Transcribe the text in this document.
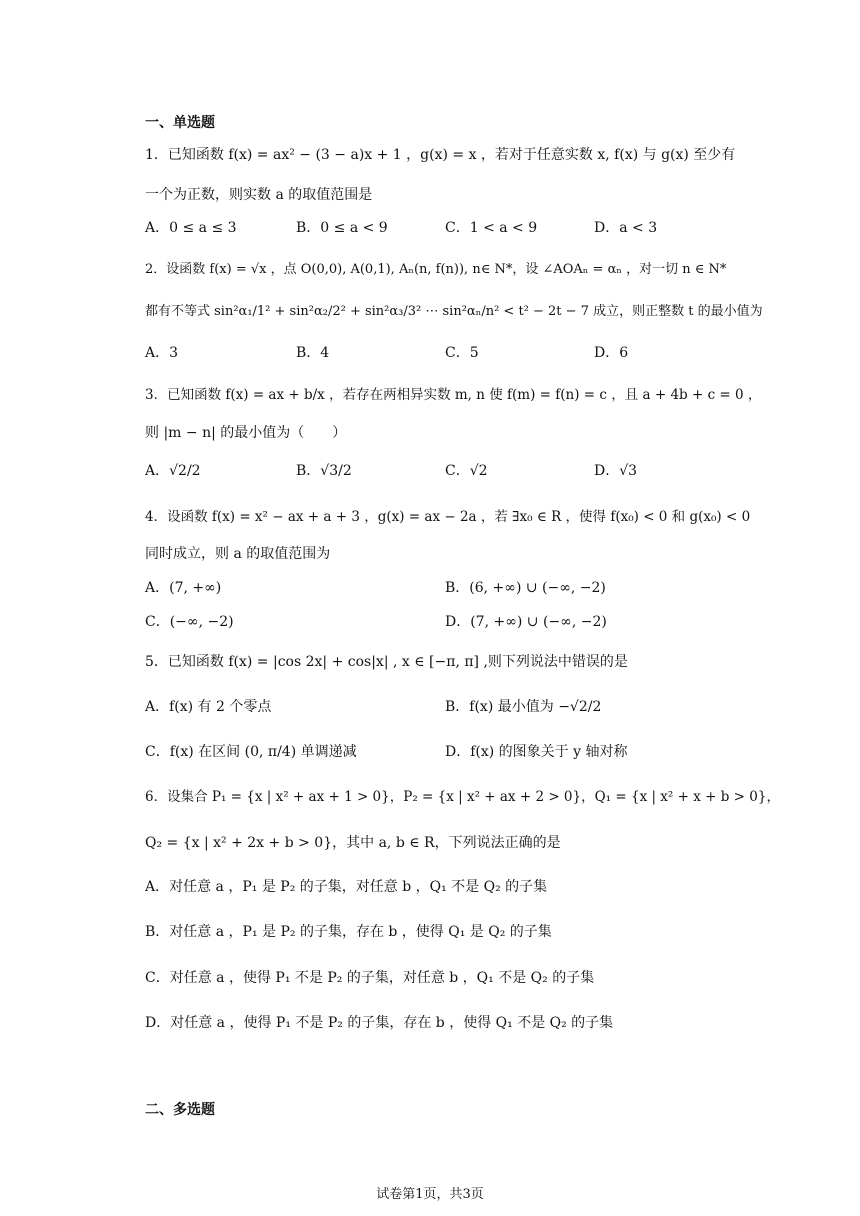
一、单选题
1．已知函数 f(x) = ax² − (3 − a)x + 1 ，g(x) = x ，若对于任意实数 x, f(x) 与 g(x) 至少有
一个为正数，则实数 a 的取值范围是
A．0 ≤ a ≤ 3	B．0 ≤ a < 9	C．1 < a < 9	D．a < 3
2．设函数 f(x) = √x ，点 O(0,0), A(0,1), Aₙ(n, f(n)), n∈ N*，设 ∠AOAₙ = αₙ ，对一切 n ∈ N*
都有不等式 sin²α₁/1² + sin²α₂/2² + sin²α₃/3² ⋯ sin²αₙ/n² < t² − 2t − 7 成立，则正整数 t 的最小值为
A．3	B．4	C．5	D．6
3．已知函数 f(x) = ax + b/x ，若存在两相异实数 m, n 使 f(m) = f(n) = c ，且 a + 4b + c = 0 ，
则 |m − n| 的最小值为（　　）
A．√2/2	B．√3/2	C．√2	D．√3
4．设函数 f(x) = x² − ax + a + 3 ，g(x) = ax − 2a ，若 ∃x₀ ∈ R ，使得 f(x₀) < 0 和 g(x₀) < 0
同时成立，则 a 的取值范围为
A．(7, +∞)	B．(6, +∞) ∪ (−∞, −2)
C．(−∞, −2)	D．(7, +∞) ∪ (−∞, −2)
5．已知函数 f(x) = |cos 2x| + cos|x| , x ∈ [−π, π] ,则下列说法中错误的是
A．f(x) 有 2 个零点	B．f(x) 最小值为 −√2/2
C．f(x) 在区间 (0, π/4) 单调递减	D．f(x) 的图象关于 y 轴对称
6．设集合 P₁ = {x | x² + ax + 1 > 0}，P₂ = {x | x² + ax + 2 > 0}，Q₁ = {x | x² + x + b > 0}，
Q₂ = {x | x² + 2x + b > 0}，其中 a, b ∈ R，下列说法正确的是
A．对任意 a ，P₁ 是 P₂ 的子集，对任意 b ，Q₁ 不是 Q₂ 的子集
B．对任意 a ，P₁ 是 P₂ 的子集，存在 b ，使得 Q₁ 是 Q₂ 的子集
C．对任意 a ，使得 P₁ 不是 P₂ 的子集，对任意 b ，Q₁ 不是 Q₂ 的子集
D．对任意 a ，使得 P₁ 不是 P₂ 的子集，存在 b ，使得 Q₁ 不是 Q₂ 的子集
二、多选题
试卷第1页，共3页
